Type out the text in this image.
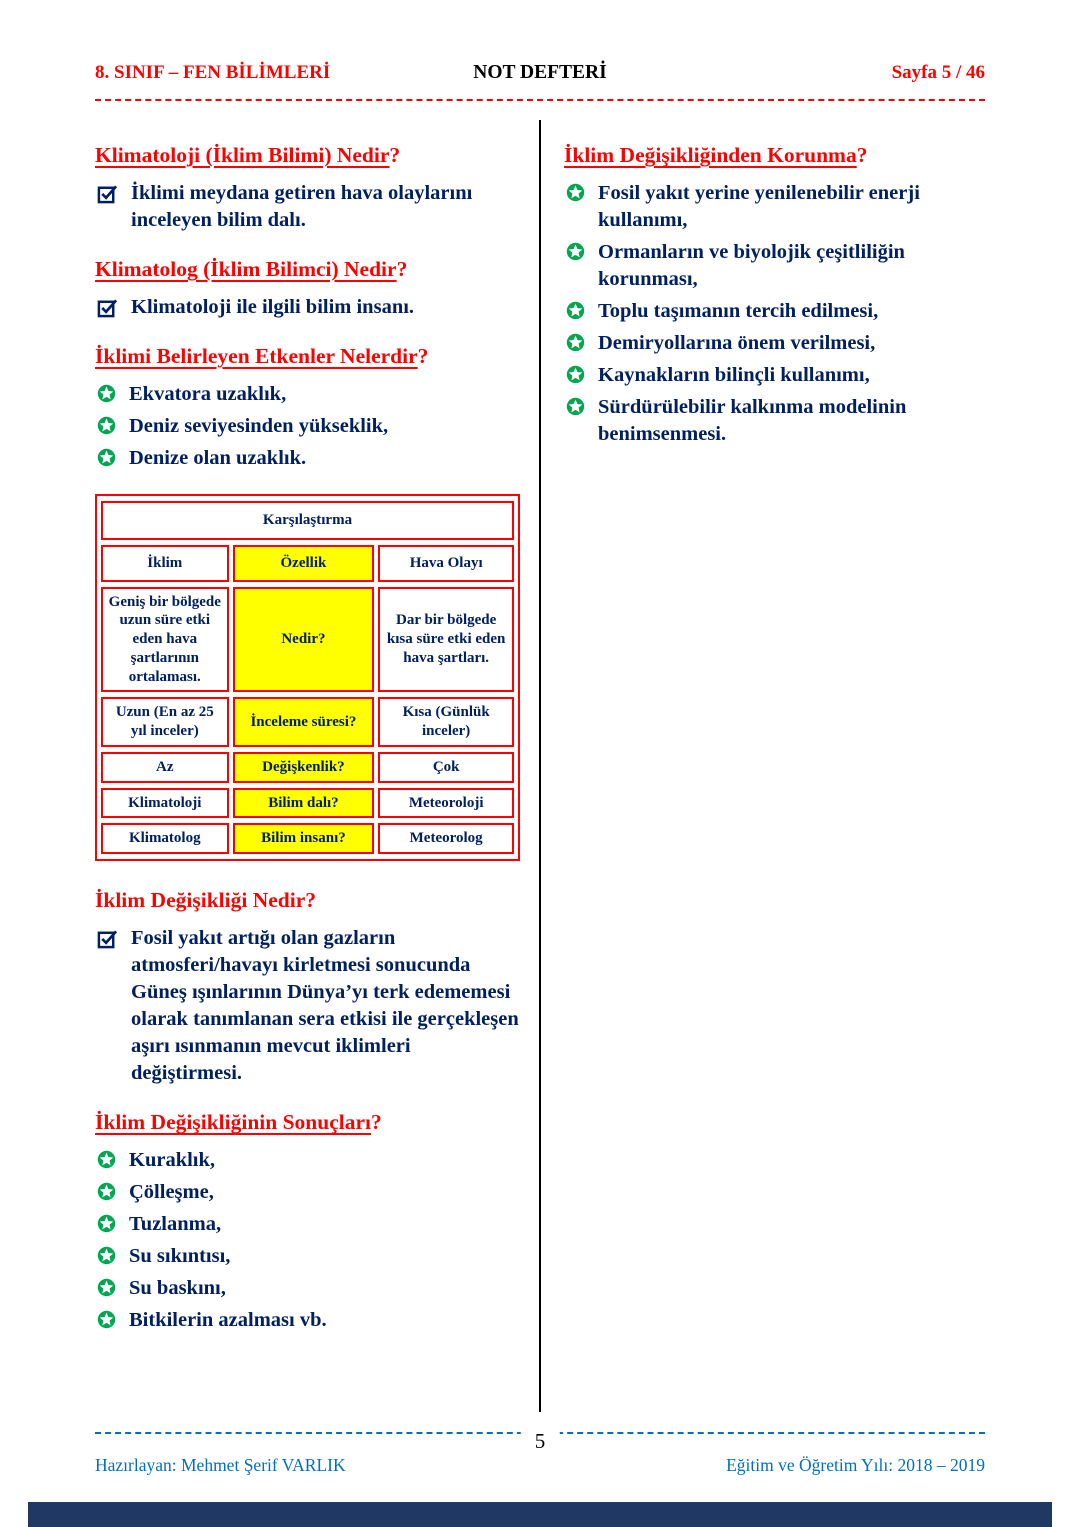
8. SINIF – FEN BİLİMLERİ	NOT DEFTERİ	Sayfa 5 / 46
Klimatoloji (İklim Bilimi) Nedir?
İklimi meydana getiren hava olaylarını inceleyen bilim dalı.
Klimatolog (İklim Bilimci) Nedir?
Klimatoloji ile ilgili bilim insanı.
İklimi Belirleyen Etkenler Nelerdir?
Ekvatora uzaklık,
Deniz seviyesinden yükseklik,
Denize olan uzaklık.
Karşılaştırma		
İklim	Özellik	Hava Olayı
Geniş bir bölgede uzun süre etki eden hava şartlarının ortalaması.	Nedir?	Dar bir bölgede kısa süre etki eden hava şartları.
Uzun (En az 25 yıl inceler)	İnceleme süresi?	Kısa (Günlük inceler)
Az	Değişkenlik?	Çok
Klimatoloji	Bilim dalı?	Meteoroloji
Klimatolog	Bilim insanı?	Meteorolog
İklim Değişikliği Nedir?
Fosil yakıt artığı olan gazların atmosferi/havayı kirletmesi sonucunda Güneş ışınlarının Dünya’yı terk edememesi olarak tanımlanan sera etkisi ile gerçekleşen aşırı ısınmanın mevcut iklimleri değiştirmesi.
İklim Değişikliğinin Sonuçları?
Kuraklık,
Çölleşme,
Tuzlanma,
Su sıkıntısı,
Su baskını,
Bitkilerin azalması vb.
İklim Değişikliğinden Korunma?
Fosil yakıt yerine yenilenebilir enerji kullanımı,
Ormanların ve biyolojik çeşitliliğin korunması,
Toplu taşımanın tercih edilmesi,
Demiryollarına önem verilmesi,
Kaynakların bilinçli kullanımı,
Sürdürülebilir kalkınma modelinin benimsenmesi.
5
Hazırlayan: Mehmet Şerif VARLIK	Eğitim ve Öğretim Yılı: 2018 – 2019
